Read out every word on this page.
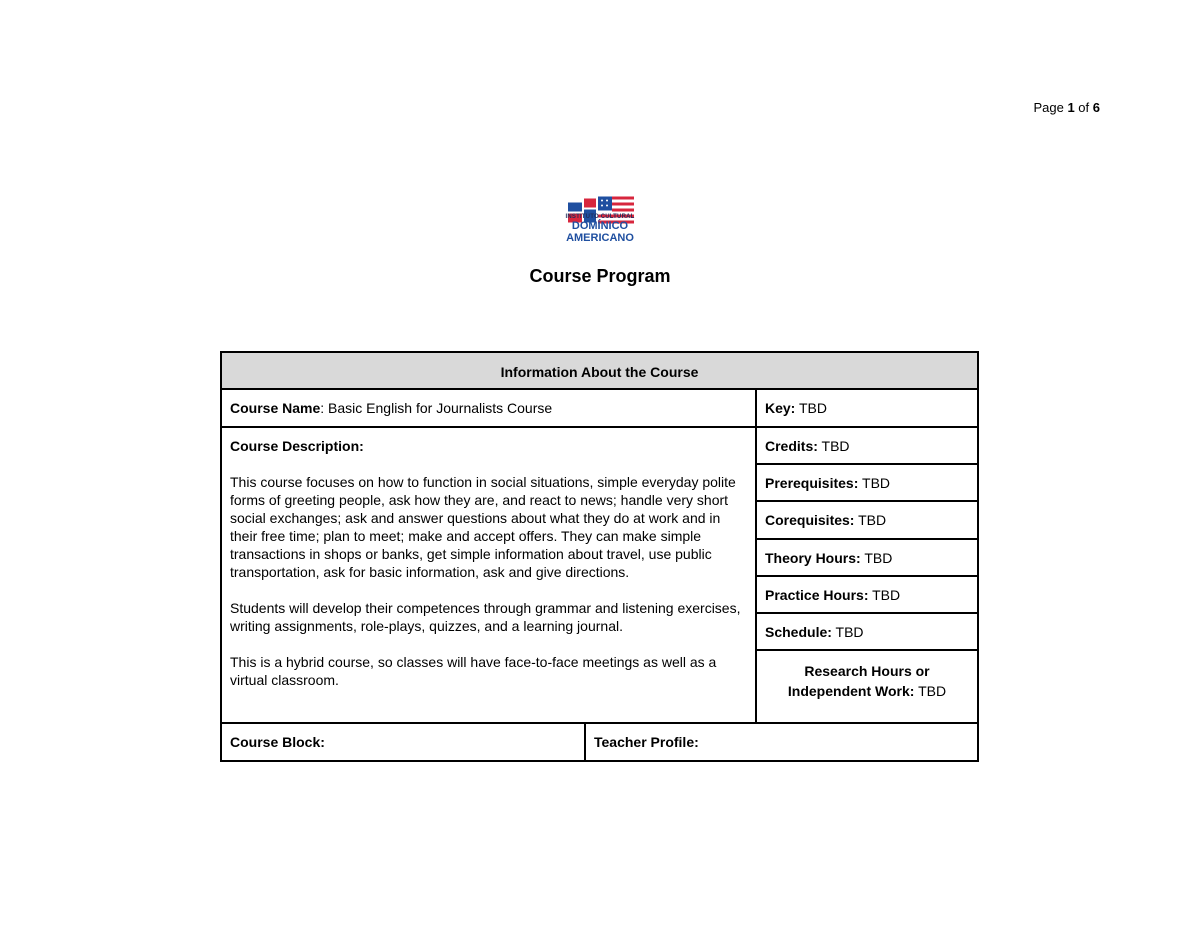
Page 1 of 6
INSTITUTO CULTURAL
DOMÍNICO
AMERICANO
Course Program
Information About the Course
Course Name: Basic English for Journalists Course	Key: TBD

Course Description:

This course focuses on how to function in social situations, simple everyday polite forms of greeting people, ask how they are, and react to news; handle very short social exchanges; ask and answer questions about what they do at work and in their free time; plan to meet; make and accept offers. They can make simple transactions in shops or banks, get simple information about travel, use public transportation, ask for basic information, ask and give directions.

Students will develop their competences through grammar and listening exercises, writing assignments, role-plays, quizzes, and a learning journal.

This is a hybrid course, so classes will have face-to-face meetings as well as a virtual classroom.

Credits: TBD
Prerequisites: TBD
Corequisites: TBD
Theory Hours: TBD
Practice Hours: TBD
Schedule: TBD
Research Hours or
Independent Work: TBD
Course Block:	Teacher Profile:
